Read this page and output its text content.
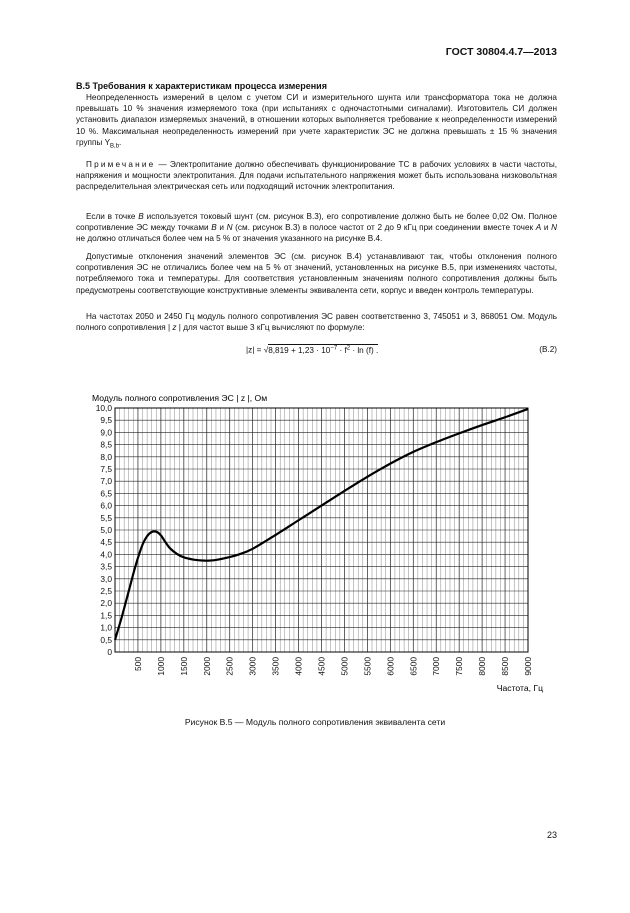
ГОСТ 30804.4.7—2013
В.5 Требования к характеристикам процесса измерения

Неопределенность измерений в целом с учетом СИ и измерительного шунта или трансформатора тока не должна превышать 10 % значения измеряемого тока (при испытаниях с одночастотными сигналами). Изготовитель СИ должен установить диапазон измеряемых значений, в отношении которых выполняется требование к неопределенности измерений 10 %. Максимальная неопределенность измерений при учете характеристик ЭС не должна превышать ± 15 % значения группы $Y_{B,b}$.

Примечание — Электропитание должно обеспечивать функционирование ТС в рабочих условиях в части частоты, напряжения и мощности электропитания. Для подачи испытательного напряжения может быть использована низковольтная распределительная электрическая сеть или подходящий источник электропитания.

Если в точке B используется токовый шунт (см. рисунок В.3), его сопротивление должно быть не более 0,02 Ом. Полное сопротивление ЭС между точками B и N (см. рисунок В.3) в полосе частот от 2 до 9 кГц при соединении вместе точек A и N не должно отличаться более чем на 5 % от значения указанного на рисунке В.4.

Допустимые отклонения значений элементов ЭС (см. рисунок В.4) устанавливают так, чтобы отклонения полного сопротивления ЭС не отличались более чем на 5 % от значений, установленных на рисунке В.5, при изменениях частоты, потребляемого тока и температуры. Для соответствия установленным значениям полного сопротивления должны быть предусмотрены соответствующие конструктивные элементы эквивалента сети, корпус и введен контроль температуры.

На частотах 2050 и 2450 Гц модуль полного сопротивления ЭС равен соответственно 3, 745051 и 3, 868051 Ом. Модуль полного сопротивления | z | для частот выше 3 кГц вычисляют по формуле:

$|z| = √8,819 + 1,23 \cdot 10^{-7} \cdot f^2 \cdot \ln (f)$ .	(В.2)
0
0,5
1,0
1,5
2,0
2,5
3,0
3,5
4,0
4,5
5,0
5,5
6,0
6,5
7,0
7,5
8,0
8,5
9,0
9,5
10,0
500 1000 1500 2000 2500 3000 3500 4000 4500 5000 5500 6000 6500 7000 7500 8000 8500 9000
Модуль полного сопротивления ЭС | z |, Ом
Частота, Гц
Рисунок В.5 — Модуль полного сопротивления эквивалента сети
23
